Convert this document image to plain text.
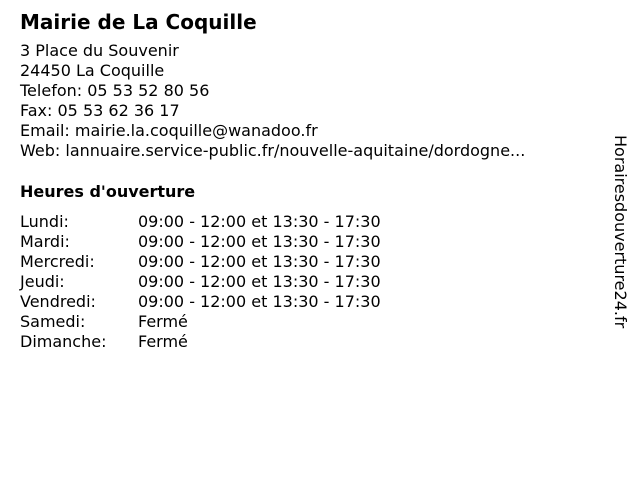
Mairie de La Coquille
3 Place du Souvenir
24450 La Coquille
Telefon: 05 53 52 80 56
Fax: 05 53 62 36 17
Email: mairie.la.coquille@wanadoo.fr
Web: lannuaire.service-public.fr/nouvelle-aquitaine/dordogne...
Heures d'ouverture
Lundi:	09:00 - 12:00 et 13:30 - 17:30
Mardi:	09:00 - 12:00 et 13:30 - 17:30
Mercredi:	09:00 - 12:00 et 13:30 - 17:30
Jeudi:	09:00 - 12:00 et 13:30 - 17:30
Vendredi:	09:00 - 12:00 et 13:30 - 17:30
Samedi:	Fermé
Dimanche:	Fermé
Horairesdouverture24.fr
